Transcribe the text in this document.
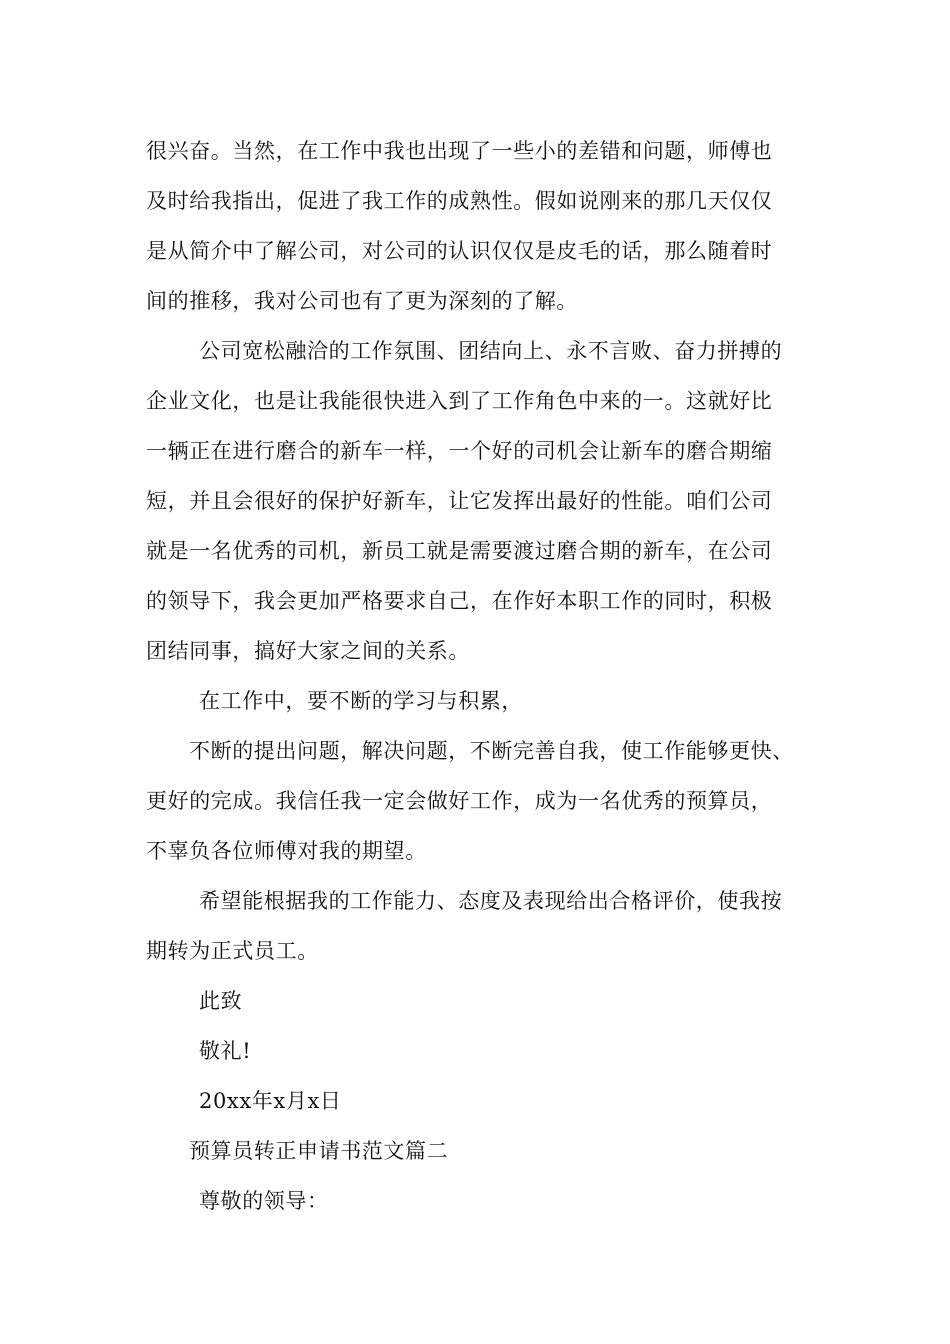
很兴奋。当然，在工作中我也出现了一些小的差错和问题，师傅也
及时给我指出，促进了我工作的成熟性。假如说刚来的那几天仅仅
是从简介中了解公司，对公司的认识仅仅是皮毛的话，那么随着时
间的推移，我对公司也有了更为深刻的了解。
公司宽松融洽的工作氛围、团结向上、永不言败、奋力拼搏的
企业文化，也是让我能很快进入到了工作角色中来的一。这就好比
一辆正在进行磨合的新车一样，一个好的司机会让新车的磨合期缩
短，并且会很好的保护好新车，让它发挥出最好的性能。咱们公司
就是一名优秀的司机，新员工就是需要渡过磨合期的新车，在公司
的领导下，我会更加严格要求自己，在作好本职工作的同时，积极
团结同事，搞好大家之间的关系。
在工作中，要不断的学习与积累，
不断的提出问题，解决问题，不断完善自我，使工作能够更快、
更好的完成。我信任我一定会做好工作，成为一名优秀的预算员，
不辜负各位师傅对我的期望。
希望能根据我的工作能力、态度及表现给出合格评价，使我按
期转为正式员工。
此致
敬礼!
20xx年x月x日
预算员转正申请书范文篇二
尊敬的领导：
